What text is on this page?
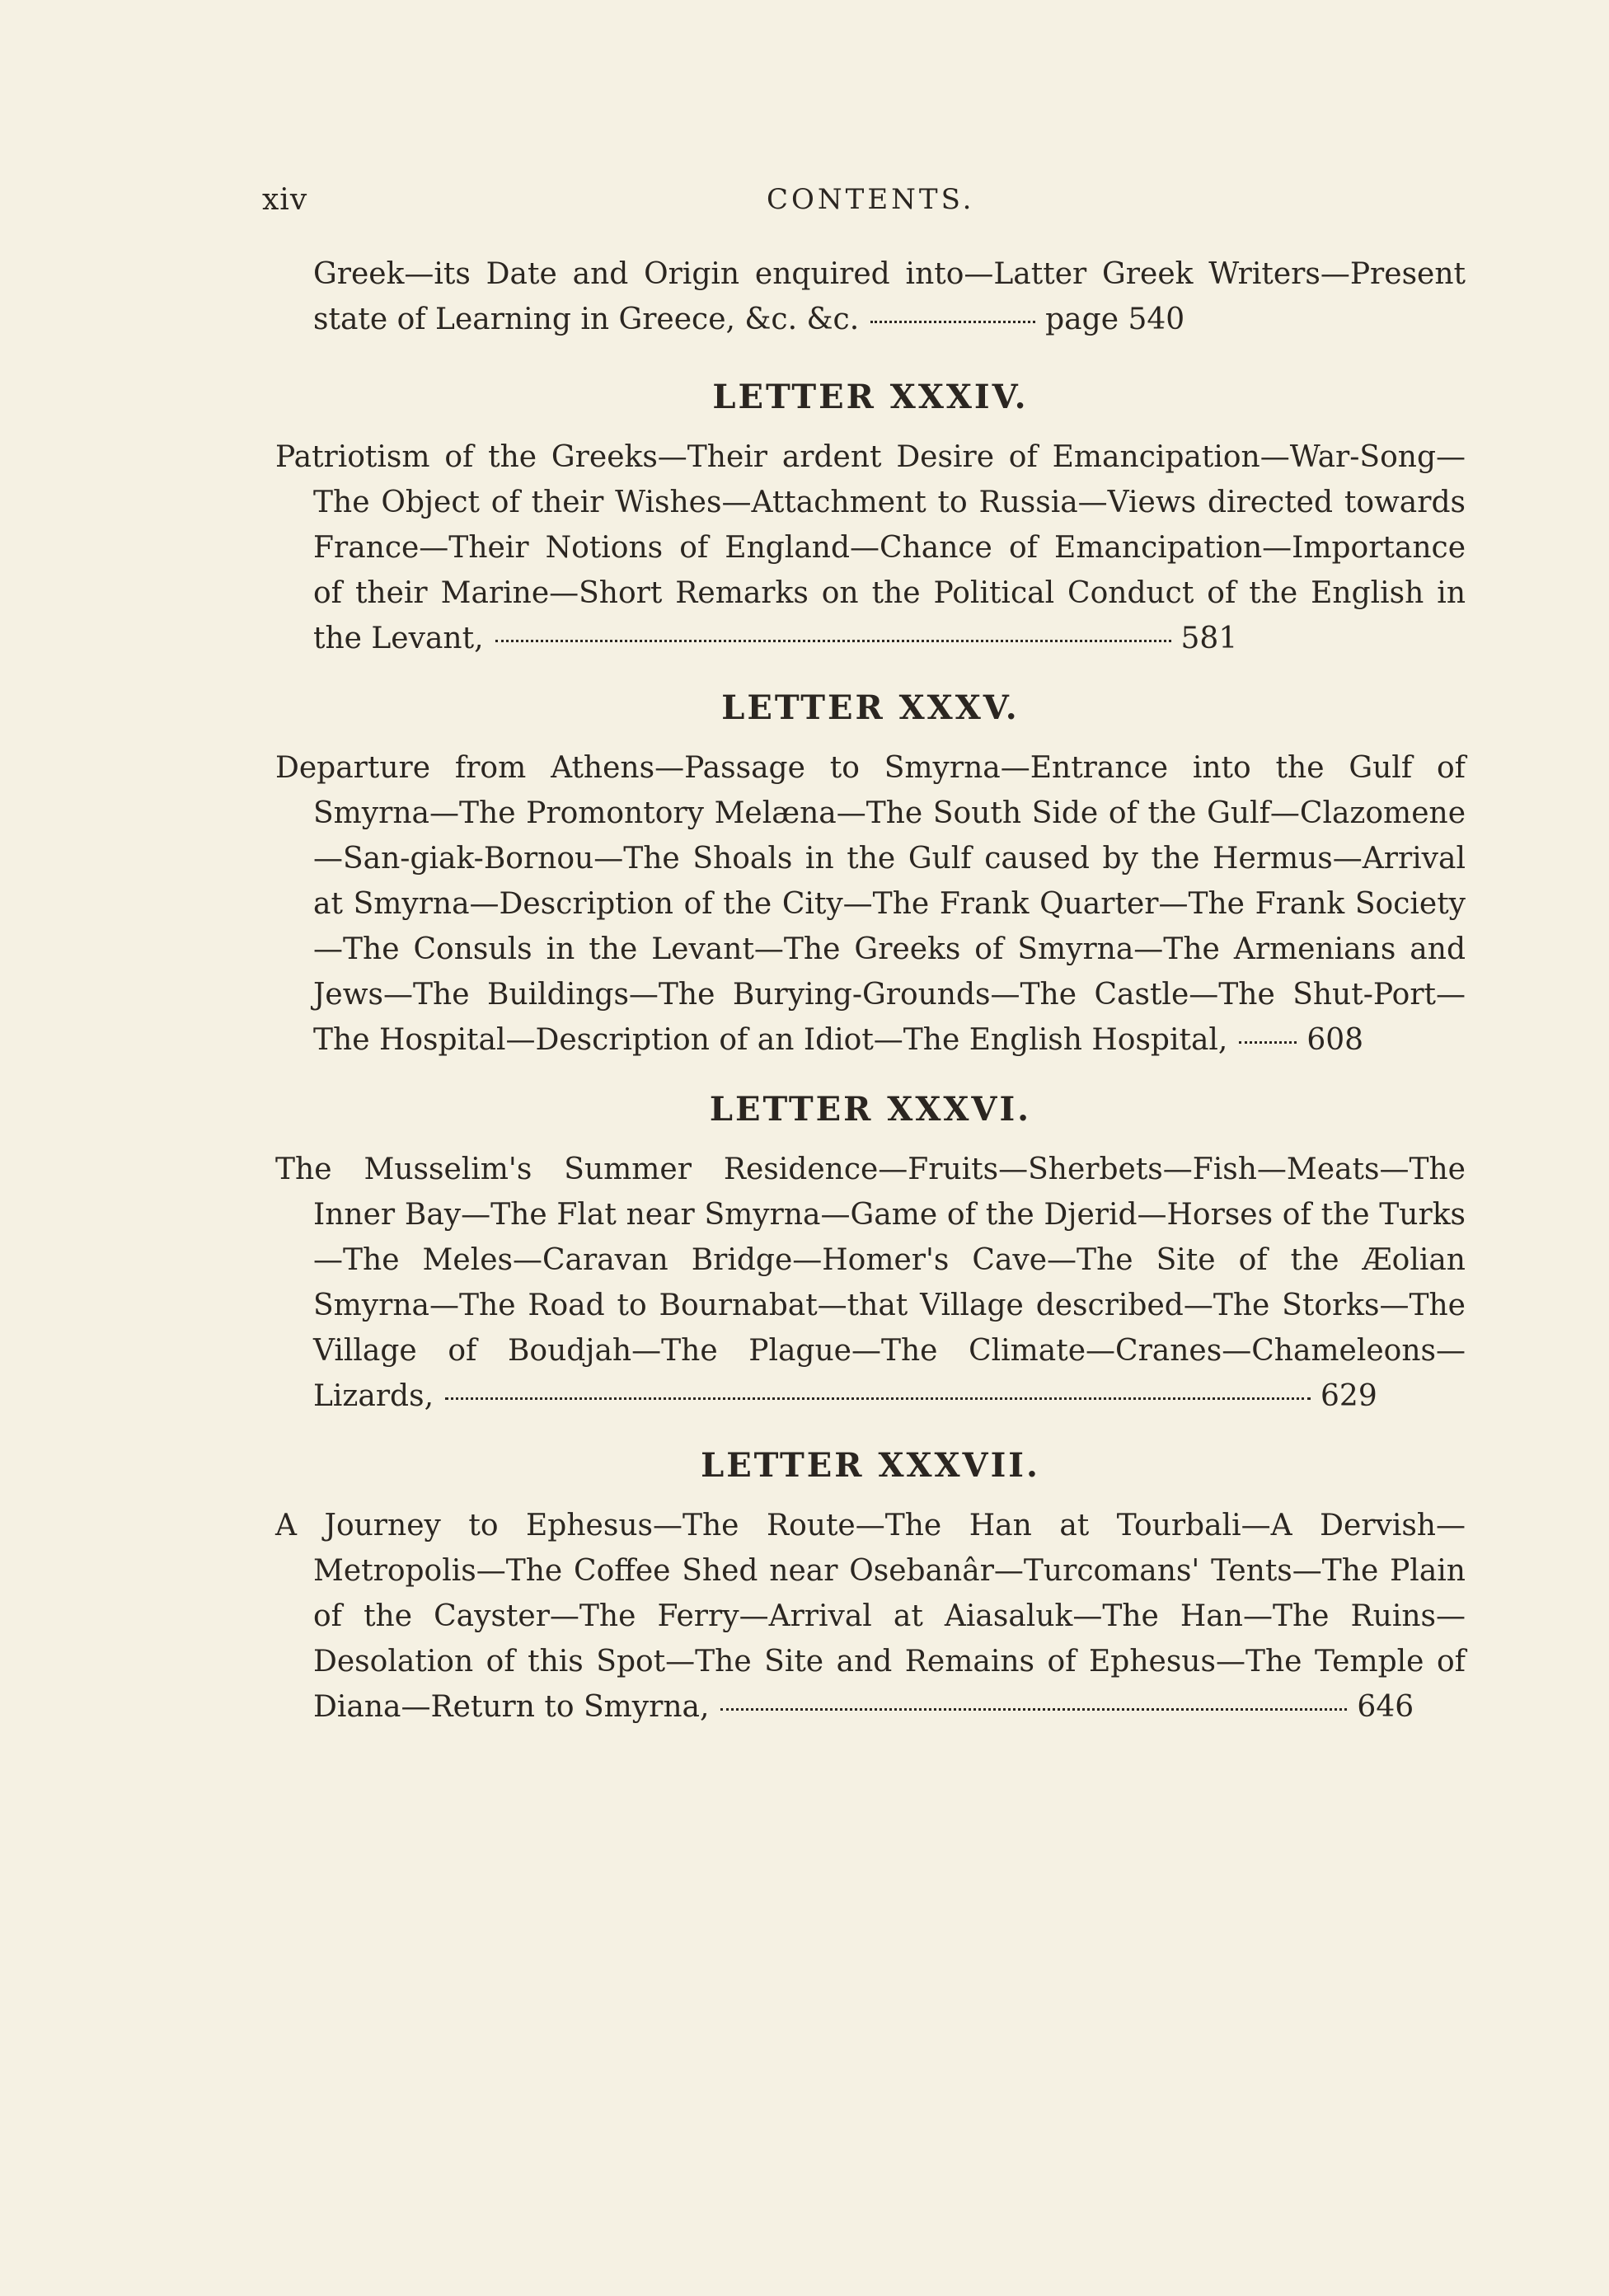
xiv	CONTENTS.

Greek—its Date and Origin enquired into—Latter Greek Writers—Present state of Learning in Greece, &c. &c.	page 540

LETTER XXXIV.

Patriotism of the Greeks—Their ardent Desire of Emancipation—War-Song—The Object of their Wishes—Attachment to Russia—Views directed towards France—Their Notions of England—Chance of Emancipation—Importance of their Marine—Short Remarks on the Political Conduct of the English in the Levant,	581

LETTER XXXV.

Departure from Athens—Passage to Smyrna—Entrance into the Gulf of Smyrna—The Promontory Melæna—The South Side of the Gulf—Clazomene—San-giak-Bornou—The Shoals in the Gulf caused by the Hermus—Arrival at Smyrna—Description of the City—The Frank Quarter—The Frank Society—The Consuls in the Levant—The Greeks of Smyrna—The Armenians and Jews—The Buildings—The Burying-Grounds—The Castle—The Shut-Port—The Hospital—Description of an Idiot—The English Hospital,	608

LETTER XXXVI.

The Musselim's Summer Residence—Fruits—Sherbets—Fish—Meats—The Inner Bay—The Flat near Smyrna—Game of the Djerid—Horses of the Turks—The Meles—Caravan Bridge—Homer's Cave—The Site of the Æolian Smyrna—The Road to Bournabat—that Village described—The Storks—The Village of Boudjah—The Plague—The Climate—Cranes—Chameleons—Lizards,	629

LETTER XXXVII.

A Journey to Ephesus—The Route—The Han at Tourbali—A Dervish—Metropolis—The Coffee Shed near Osebanâr—Turcomans' Tents—The Plain of the Cayster—The Ferry—Arrival at Aiasaluk—The Han—The Ruins—Desolation of this Spot—The Site and Remains of Ephesus—The Temple of Diana—Return to Smyrna,	646
